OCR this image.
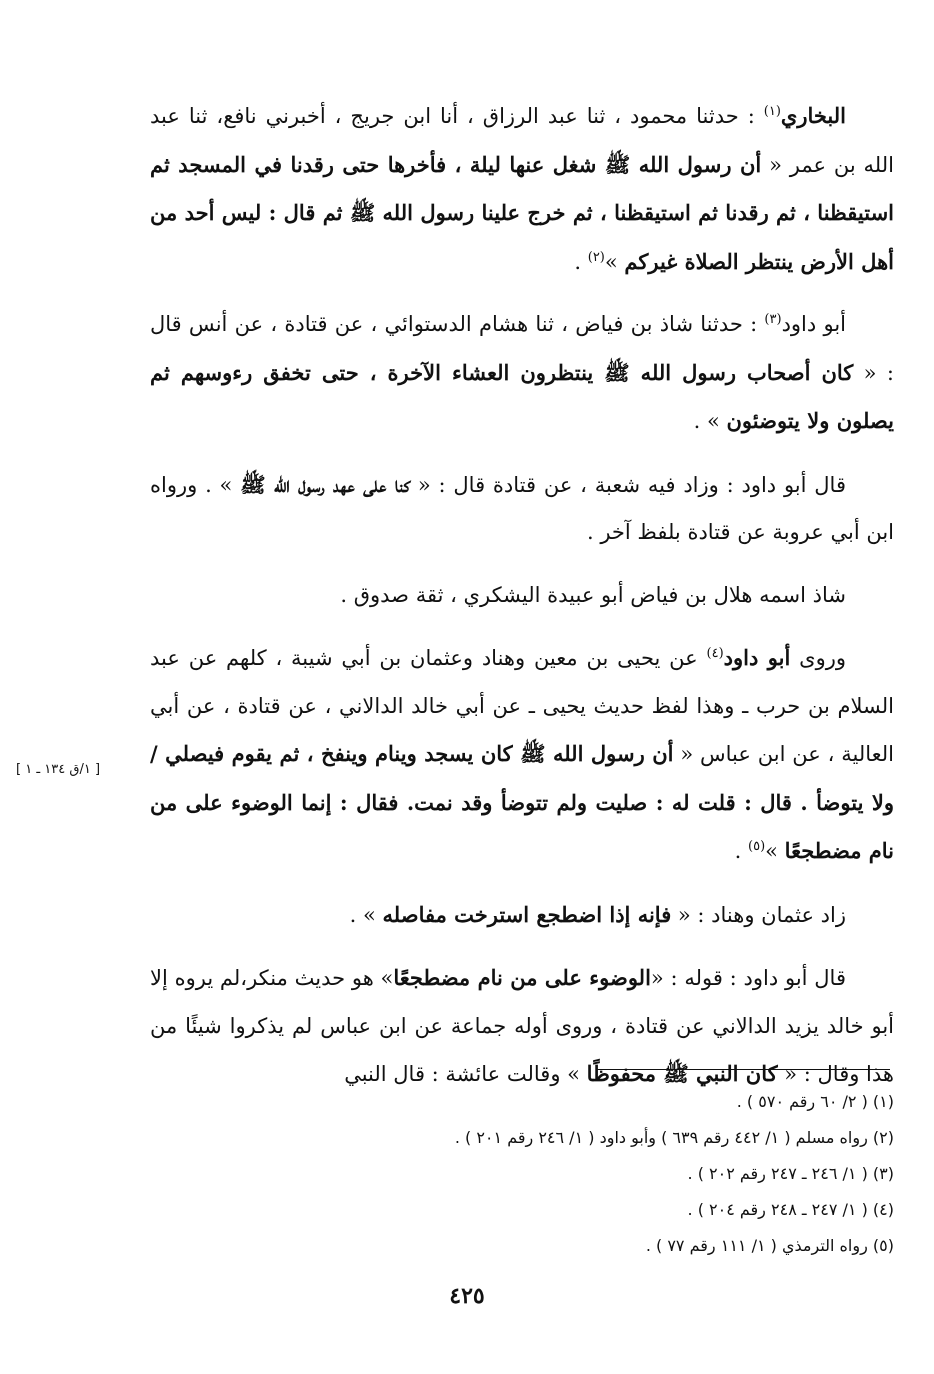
البخاري$^{(١)}$ : حدثنا محمود ، ثنا عبد الرزاق ، أنا ابن جريج ، أخبرني نافع، ثنا عبد الله بن عمر « أن رسول الله ﷺ شغل عنها ليلة ، فأخرها حتى رقدنا في المسجد ثم استيقظنا ، ثم رقدنا ثم استيقظنا ، ثم خرج علينا رسول الله ﷺ ثم قال : ليس أحد من أهل الأرض ينتظر الصلاة غيركم »$^{(٢)}$ .

أبو داود$^{(٣)}$ : حدثنا شاذ بن فياض ، ثنا هشام الدستوائي ، عن قتادة ، عن أنس قال : « كان أصحاب رسول الله ﷺ ينتظرون العشاء الآخرة ، حتى تخفق رءوسهم ثم يصلون ولا يتوضئون » .

قال أبو داود : وزاد فيه شعبة ، عن قتادة قال : « كنا على عهد رسول الله ﷺ » . ورواه ابن أبي عروبة عن قتادة بلفظ آخر .

شاذ اسمه هلال بن فياض أبو عبيدة اليشكري ، ثقة صدوق .

وروى أبو داود$^{(٤)}$ عن يحيى بن معين وهناد وعثمان بن أبي شيبة ، كلهم عن عبد السلام بن حرب ـ وهذا لفظ حديث يحيى ـ عن أبي خالد الدالاني ، عن قتادة ، عن أبي العالية ، عن ابن عباس « أن رسول الله ﷺ كان يسجد وينام وينفخ ، ثم يقوم فيصلي / ولا يتوضأ . قال : قلت له : صليت ولم تتوضأ وقد نمت. فقال : إنما الوضوء على من نام مضطجعًا »$^{(٥)}$ .

زاد عثمان وهناد : « فإنه إذا اضطجع استرخت مفاصله » .

قال أبو داود : قوله : «الوضوء على من نام مضطجعًا» هو حديث منكر،لم يروه إلا أبو خالد يزيد الدالاني عن قتادة ، وروى أوله جماعة عن ابن عباس لم يذكروا شيئًا من هذا وقال : « كان النبي ﷺ محفوظًا » وقالت عائشة : قال النبي

[ ١/ق ١٣٤ ـ ١ ]

(١) ( ٢/ ٦٠ رقم ٥٧٠ ) .

(٢) رواه مسلم ( ١/ ٤٤٢ رقم ٦٣٩ ) وأبو داود ( ١/ ٢٤٦ رقم ٢٠١ ) .

(٣) ( ١/ ٢٤٦ ـ ٢٤٧ رقم ٢٠٢ ) .

(٤) ( ١/ ٢٤٧ ـ ٢٤٨ رقم ٢٠٤ ) .

(٥) رواه الترمذي ( ١/ ١١١ رقم ٧٧ ) .

٤٢٥
